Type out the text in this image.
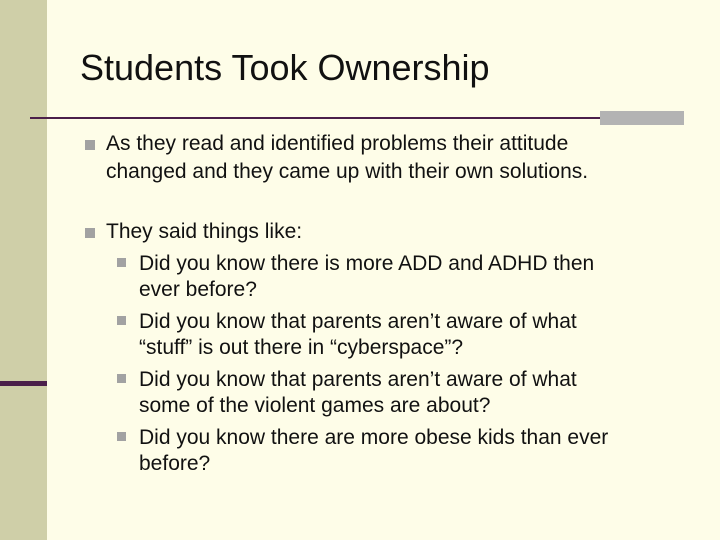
Students Took Ownership
As they read and identified problems their attitude
changed and they came up with their own solutions.
They said things like:
Did you know there is more ADD and ADHD then
ever before?
Did you know that parents aren’t aware of what
“stuff” is out there in “cyberspace”?
Did you know that parents aren’t aware of what
some of the violent games are about?
Did you know there are more obese kids than ever
before?
